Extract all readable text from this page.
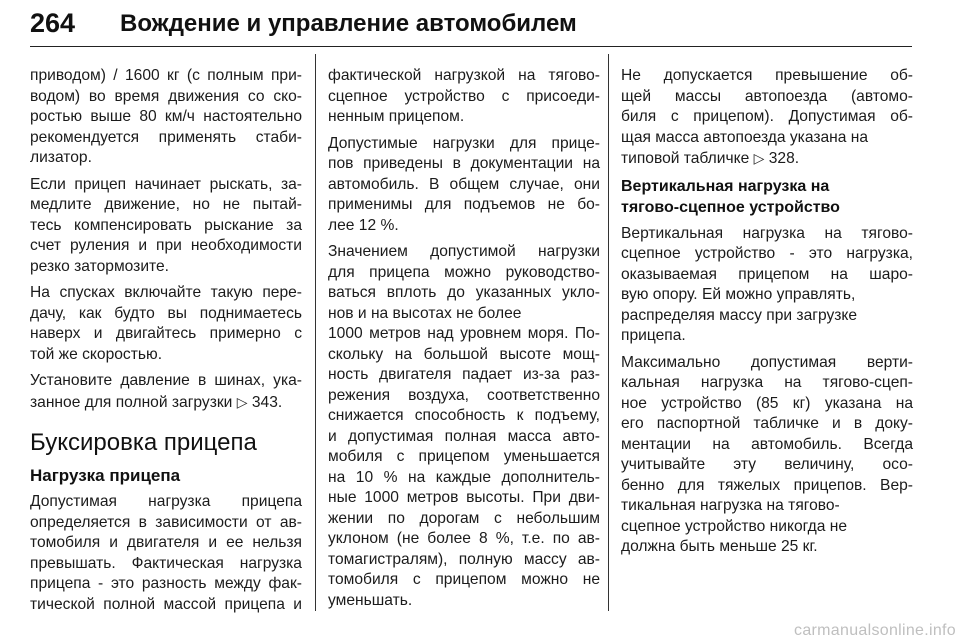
264 Вождение и управление автомобилем

приводом) / 1600 кг (с полным при-
водом) во время движения со ско-
ростью выше 80 км/ч настоятельно
рекомендуется применять стаби-
лизатор.

Если прицеп начинает рыскать, за-
медлите движение, но не пытай-
тесь компенсировать рыскание за
счет руления и при необходимости
резко затормозите.

На спусках включайте такую пере-
дачу, как будто вы поднимаетесь
наверх и двигайтесь примерно с
той же скоростью.

Установите давление в шинах, ука-
занное для полной загрузки ▷ 343.

Буксировка прицепа
Нагрузка прицепа

Допустимая нагрузка прицепа
определяется в зависимости от ав-
томобиля и двигателя и ее нельзя
превышать. Фактическая нагрузка
прицепа - это разность между фак-
тической полной массой прицепа и

фактической нагрузкой на тягово-
сцепное устройство с присоеди-
ненным прицепом.

Допустимые нагрузки для прице-
пов приведены в документации на
автомобиль. В общем случае, они
применимы для подъемов не бо-
лее 12 %.

Значением допустимой нагрузки
для прицепа можно руководство-
ваться вплоть до указанных укло-
нов и на высотах не более
1000 метров над уровнем моря. По-
скольку на большой высоте мощ-
ность двигателя падает из-за раз-
режения воздуха, соответственно
снижается способность к подъему,
и допустимая полная масса авто-
мобиля с прицепом уменьшается
на 10 % на каждые дополнитель-
ные 1000 метров высоты. При дви-
жении по дорогам с небольшим
уклоном (не более 8 %, т.е. по ав-
томагистралям), полную массу ав-
томобиля с прицепом можно не
уменьшать.

Не допускается превышение об-
щей массы автопоезда (автомо-
биля с прицепом). Допустимая об-
щая масса автопоезда указана на
типовой табличке ▷ 328.

Вертикальная нагрузка на
тягово-сцепное устройство

Вертикальная нагрузка на тягово-
сцепное устройство - это нагрузка,
оказываемая прицепом на шаро-
вую опору. Ей можно управлять,
распределяя массу при загрузке
прицепа.

Максимально допустимая верти-
кальная нагрузка на тягово-сцеп-
ное устройство (85 кг) указана на
его паспортной табличке и в доку-
ментации на автомобиль. Всегда
учитывайте эту величину, осо-
бенно для тяжелых прицепов. Вер-
тикальная нагрузка на тягово-
сцепное устройство никогда не
должна быть меньше 25 кг.

carmanualsonline.info
